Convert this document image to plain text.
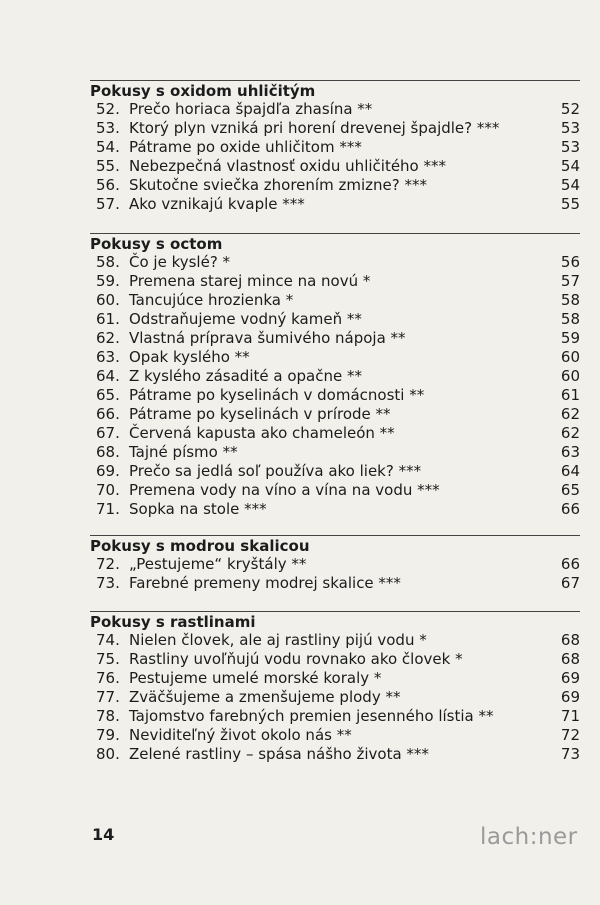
Pokusy s oxidom uhličitým
52. Prečo horiaca špajdľa zhasína **	52
53. Ktorý plyn vzniká pri horení drevenej špajdle? ***	53
54. Pátrame po oxide uhličitom ***	53
55. Nebezpečná vlastnosť oxidu uhličitého ***	54
56. Skutočne sviečka zhorením zmizne? ***	54
57. Ako vznikajú kvaple ***	55
Pokusy s octom
58. Čo je kyslé? *	56
59. Premena starej mince na novú *	57
60. Tancujúce hrozienka *	58
61. Odstraňujeme vodný kameň **	58
62. Vlastná príprava šumivého nápoja **	59
63. Opak kyslého **	60
64. Z kyslého zásadité a opačne **	60
65. Pátrame po kyselinách v domácnosti **	61
66. Pátrame po kyselinách v prírode **	62
67. Červená kapusta ako chameleón **	62
68. Tajné písmo **	63
69. Prečo sa jedlá soľ používa ako liek? ***	64
70. Premena vody na víno a vína na vodu ***	65
71. Sopka na stole ***	66
Pokusy s modrou skalicou
72. „Pestujeme“ kryštály **	66
73. Farebné premeny modrej skalice ***	67
Pokusy s rastlinami
74. Nielen človek, ale aj rastliny pijú vodu *	68
75. Rastliny uvoľňujú vodu rovnako ako človek *	68
76. Pestujeme umelé morské koraly *	69
77. Zväčšujeme a zmenšujeme plody **	69
78. Tajomstvo farebných premien jesenného lístia **	71
79. Neviditeľný život okolo nás **	72
80. Zelené rastliny – spása nášho života ***	73
14	lach:ner
